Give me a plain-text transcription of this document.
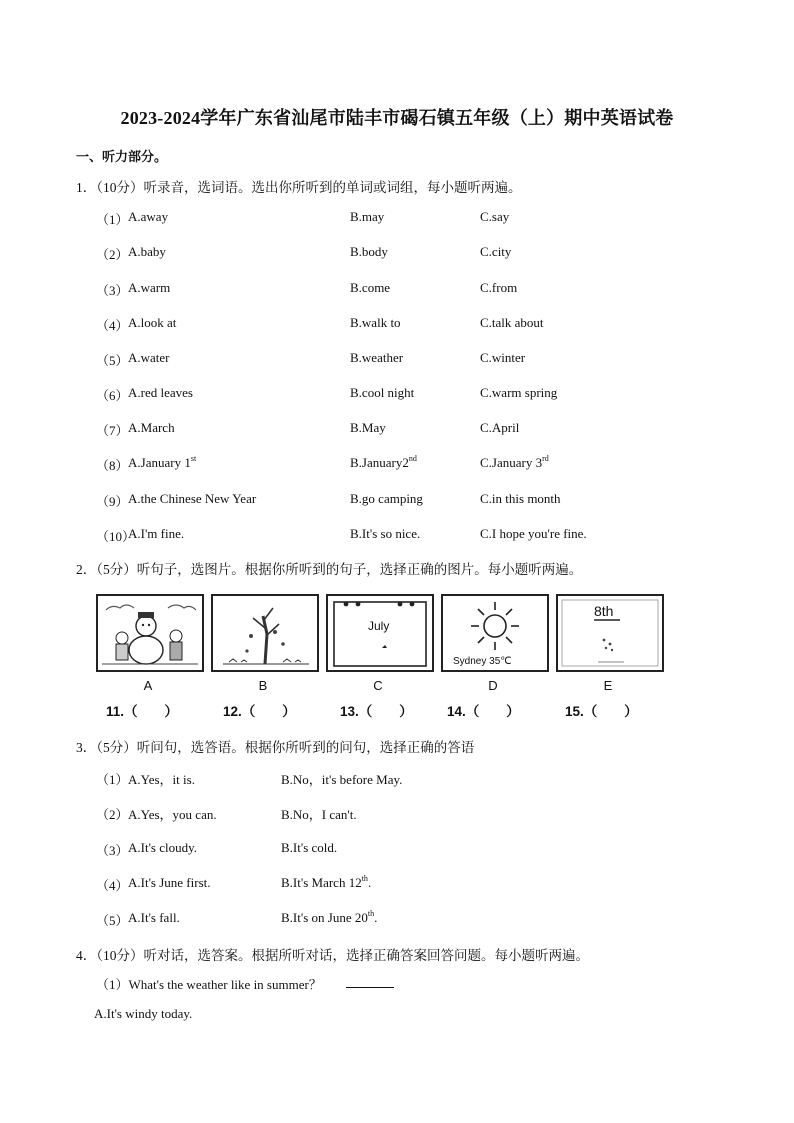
2023-2024学年广东省汕尾市陆丰市碣石镇五年级（上）期中英语试卷
一、听力部分。
1．（10分）听录音，选词语。选出你所听到的单词或词组，每小题听两遍。
（1） A.away	B.may	C.say
（2） A.baby	B.body	C.city
（3） A.warm	B.come	C.from
（4） A.look at	B.walk to	C.talk about
（5） A.water	B.weather	C.winter
（6） A.red leaves	B.cool night	C.warm spring
（7） A.March	B.May	C.April
（8） A.January 1st	B.January2nd	C.January 3rd
（9） A.the Chinese New Year	B.go camping	C.in this month
（10）
A.I'm fine.	B.It's so nice.	C.I hope you're fine.
2．（5分）听句子，选图片。根据你所听到的句子，选择正确的图片。每小题听两遍。
July
Sydney 35℃
8th
A	B	C	D	E
11.（　　）	12.（　　）	13.（　　）	14.（　　）	15.（　　）
3．（5分）听问句，选答语。根据你所听到的问句，选择正确的答语
（1） A.Yes，it is.	B.No，it's before May.
（2） A.Yes，you can.	B.No，I can't.
（3） A.It's cloudy.	B.It's cold.
（4） A.It's June first.	B.It's March 12th.
（5） A.It's fall.	B.It's on June 20th.
4．（10分）听对话，选答案。根据所听对话，选择正确答案回答问题。每小题听两遍。
（1）What's the weather like in summer？
A.It's windy today.
